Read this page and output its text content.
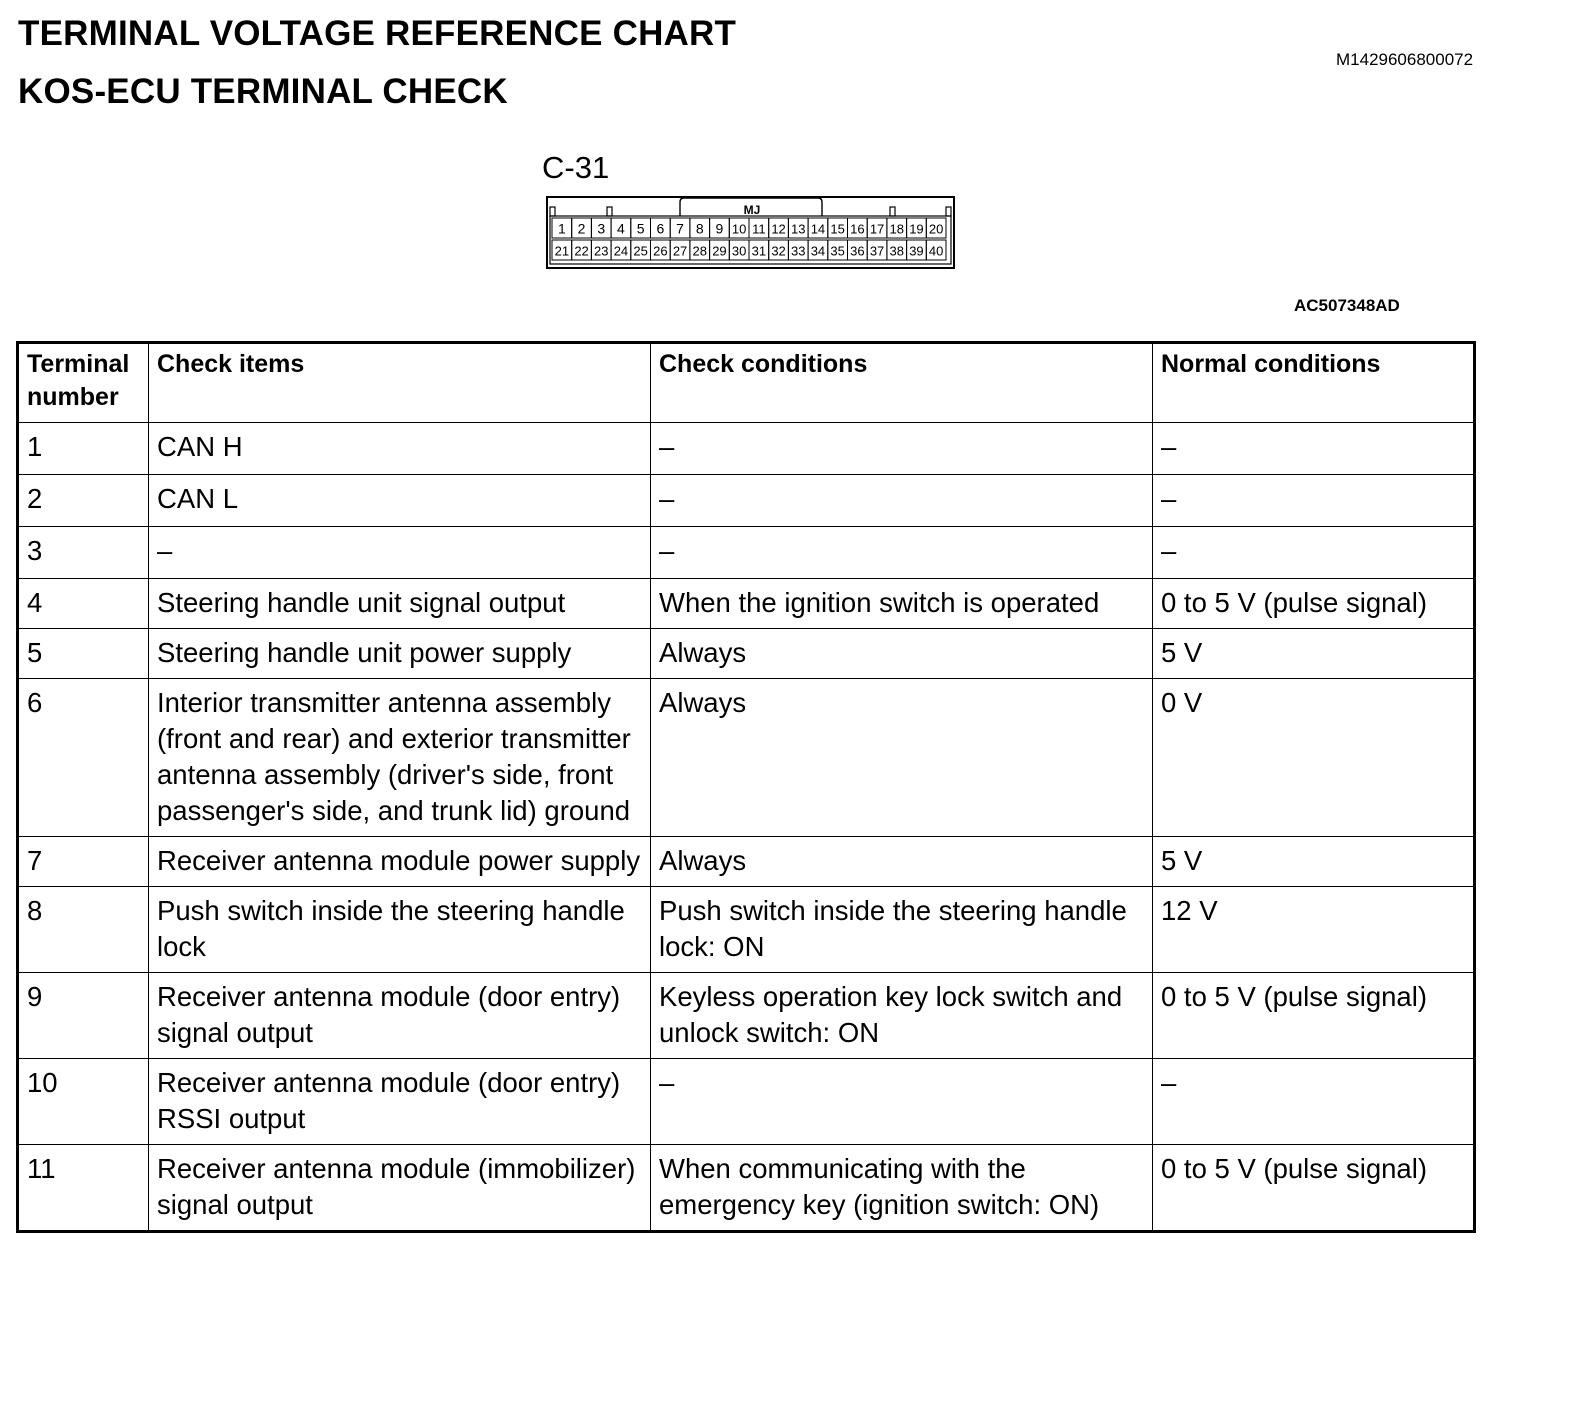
TERMINAL VOLTAGE REFERENCE CHART
KOS-ECU TERMINAL CHECK
M1429606800072
C-31
MJ
1 2 3 4 5 6 7 8 9 10 11 12 13 14 15 16 17 18 19 20
21 22 23 24 25 26 27 28 29 30 31 32 33 34 35 36 37 38 39 40
AC507348AD
Terminal number	Check items	Check conditions	Normal conditions
1	CAN H	–	–
2	CAN L	–	–
3	–	–	–
4	Steering handle unit signal output	When the ignition switch is operated	0 to 5 V (pulse signal)
5	Steering handle unit power supply	Always	5 V
6	Interior transmitter antenna assembly (front and rear) and exterior transmitter antenna assembly (driver's side, front passenger's side, and trunk lid) ground	Always	0 V
7	Receiver antenna module power supply	Always	5 V
8	Push switch inside the steering handle lock	Push switch inside the steering handle lock: ON	12 V
9	Receiver antenna module (door entry) signal output	Keyless operation key lock switch and unlock switch: ON	0 to 5 V (pulse signal)
10	Receiver antenna module (door entry) RSSI output	–	–
11	Receiver antenna module (immobilizer) signal output	When communicating with the emergency key (ignition switch: ON)	0 to 5 V (pulse signal)
